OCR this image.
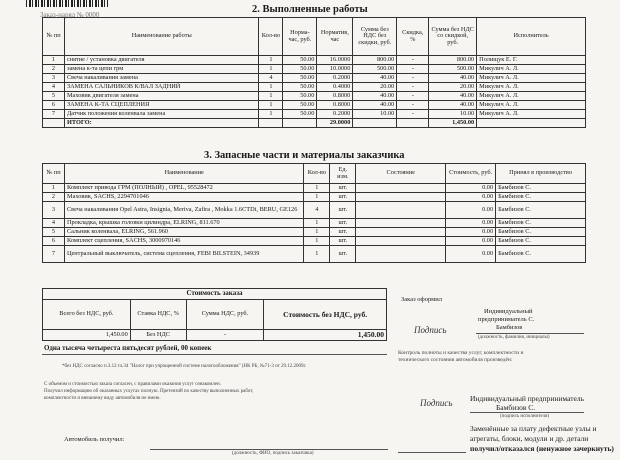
Заказ-наряд № 0000	2. Выполненные работы
№ пп	Наименование работы	Кол-во	Норма-час, руб.	Норматив, час	Сумма без НДС без скидки, руб.	Скидка, %	Сумма без НДС со скидкой, руб.	Исполнитель
1	снятие / установка двигателя	1	50.00	16.0000	800.00	-	800.00	Полищук Е. Г.
2	замена к-та цепи грм	1	50.00	10.0000	500.00	-	500.00	Микулич А. Л.
3	Свеча накаливания замена	4	50.00	0.2000	40.00	-	40.00	Микулич А. Л.
4	ЗАМЕНА САЛЬНИКОВ К/ВАЛ ЗАДНИЙ	1	50.00	0.4000	20.00	-	20.00	Микулич А. Л.
5	Маховик двигателя замена	1	50.00	0.8000	40.00	-	40.00	Микулич А. Л.
6	ЗАМЕНА К-ТА СЦЕПЛЕНИЯ	1	50.00	0.8000	40.00	-	40.00	Микулич А. Л.
7	Датчик положения коленвала замена	1	50.00	0.2000	10.00	-	10.00	Микулич А. Л.
	ИТОГО:			29.0000			1,450.00	
3. Запасные части и материалы заказчика
№ пп	Наименование	Кол-во	Ед. изм.	Состояние	Стоимость, руб.	Принял в производство
1	Комплект привода ГРМ (ПОЛНЫЙ) , OPEL, 95528472	1	шт.		0.00	Бамбизов С.
2	Маховик, SACHS, 2294701046	1	шт.		0.00	Бамбизов С.
3	Свеча накаливания Opel Astra, Insignia, Meriva, Zafira , Mokka 1.6CTDi, BERU, GE126	4	шт.		0.00	Бамбизов С.
4	Прокладка, крышка головки цилиндра, ELRING, 811.670	1	шт.		0.00	Бамбизов С.
5	Сальник коленвала, ELRING, 561.960	1	шт.		0.00	Бамбизов С.
6	Комплект сцепления, SACHS, 3000970146	1	шт.		0.00	Бамбизов С.
7	Центральный выключатель, система сцепления, FEBI BILSTEIN, 34939	1	шт.		0.00	Бамбизов С.
Стоимость заказа			
Всего без НДС, руб.	Ставка НДС, %	Сумма НДС, руб.	Стоимость без НДС, руб.
1,450.00	Без НДС	-	1,450.00
Одна тысяча четыреста пятьдесят рублей, 00 копеек
*без НДС согласно п.3.12 гл.34 "Налог при упрощенной системе налогообложения" (НК РБ, №71-3 от 29.12.2009г.
С объемом и стоимостью заказа согласен, с правилами оказания услуг ознакомлен.
Получил информацию об оказанных услугах полную. Претензий по качеству выполненных работ,
комплектности и внешнему виду автомобиля не имею.
Автомобиль получил:
(должность, ФИО, подпись заказчика)
Заказ оформил
Индивидуальный
предприниматель С.
Бамбизов
(должность, фамилия, инициалы)
Подпись
Контроль полноты и качества услуг, комплектности и
технического состояния автомобиля произведён:
Индивидуальный предприниматель
Бамбизов С.
(подпись исполнителя)
Подпись
Заменённые за плату дефектные узлы и
агрегаты, блоки, модули и др. детали
получил/отказался (ненужное зачеркнуть)
